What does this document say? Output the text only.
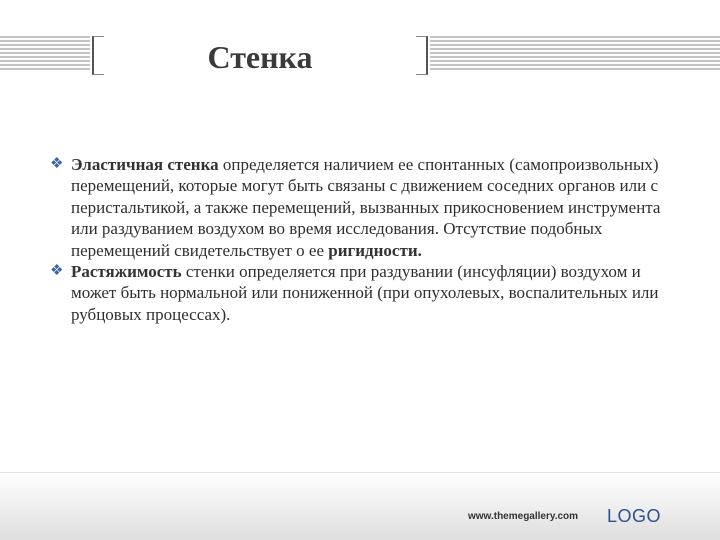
Стенка

❖ Эластичная стенка определяется наличием ее спонтанных (самопроизвольных) перемещений, которые могут быть связаны с движением соседних органов или с перистальтикой, а также перемещений, вызванных прикосновением инструмента или раздуванием воздухом во время исследования. Отсутствие подобных перемещений свидетельствует о ее ригидности.

❖ Растяжимость стенки определяется при раздувании (инсуфляции) воздухом и может быть нормальной или пониженной (при опухолевых, воспалительных или рубцовых процессах).

www.themegallery.com LOGO
